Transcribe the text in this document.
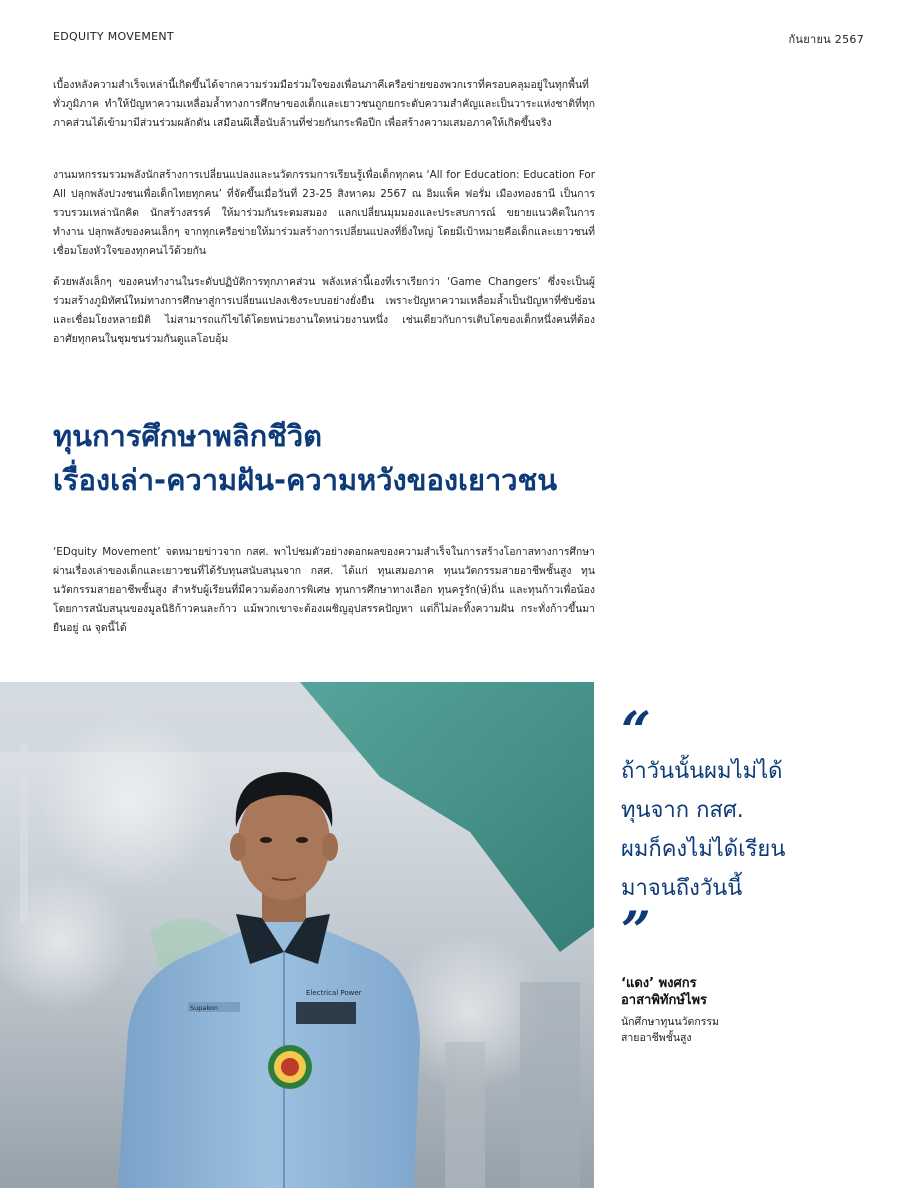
EDQUITY MOVEMENT	กันยายน 2567

เบื้องหลังความสำเร็จเหล่านี้เกิดขึ้นได้จากความร่วมมือร่วมใจของเพื่อนภาคีเครือข่ายของพวกเราที่ครอบคลุมอยู่ในทุกพื้นที่ทั่วภูมิภาค ทำให้ปัญหาความเหลื่อมล้ำทางการศึกษาของเด็กและเยาวชนถูกยกระดับความสำคัญและเป็นวาระแห่งชาติที่ทุกภาคส่วนได้เข้ามามีส่วนร่วมผลักดัน เสมือนผีเสื้อนับล้านที่ช่วยกันกระพือปีก เพื่อสร้างความเสมอภาคให้เกิดขึ้นจริง

งานมหกรรมรวมพลังนักสร้างการเปลี่ยนแปลงและนวัตกรรมการเรียนรู้เพื่อเด็กทุกคน ‘All for Education: Education For All ปลุกพลังปวงชนเพื่อเด็กไทยทุกคน’ ที่จัดขึ้นเมื่อวันที่ 23-25 สิงหาคม 2567 ณ อิมแพ็ค ฟอรั่ม เมืองทองธานี เป็นการรวบรวมเหล่านักคิด นักสร้างสรรค์ ให้มาร่วมกันระดมสมอง แลกเปลี่ยนมุมมองและประสบการณ์ ขยายแนวคิดในการทำงาน ปลุกพลังของคนเล็กๆ จากทุกเครือข่ายให้มาร่วมสร้างการเปลี่ยนแปลงที่ยิ่งใหญ่ โดยมีเป้าหมายคือเด็กและเยาวชนที่เชื่อมโยงหัวใจของทุกคนไว้ด้วยกัน

ด้วยพลังเล็กๆ ของคนทำงานในระดับปฏิบัติการทุกภาคส่วน พลังเหล่านี้เองที่เราเรียกว่า ‘Game Changers’ ซึ่งจะเป็นผู้ร่วมสร้างภูมิทัศน์ใหม่ทางการศึกษาสู่การเปลี่ยนแปลงเชิงระบบอย่างยั่งยืน เพราะปัญหาความเหลื่อมล้ำเป็นปัญหาที่ซับซ้อนและเชื่อมโยงหลายมิติ ไม่สามารถแก้ไขได้โดยหน่วยงานใดหน่วยงานหนึ่ง เช่นเดียวกับการเติบโตของเด็กหนึ่งคนที่ต้องอาศัยทุกคนในชุมชนร่วมกันดูแลโอบอุ้ม

ทุนการศึกษาพลิกชีวิต
เรื่องเล่า-ความฝัน-ความหวังของเยาวชน

‘EDquity Movement’ จดหมายข่าวจาก กสศ. พาไปชมตัวอย่างดอกผลของความสำเร็จในการสร้างโอกาสทางการศึกษา ผ่านเรื่องเล่าของเด็กและเยาวชนที่ได้รับทุนสนับสนุนจาก กสศ. ได้แก่ ทุนเสมอภาค ทุนนวัตกรรมสายอาชีพชั้นสูง ทุนนวัตกรรมสายอาชีพชั้นสูง สำหรับผู้เรียนที่มีความต้องการพิเศษ ทุนการศึกษาทางเลือก ทุนครูรัก(ษ์)ถิ่น และทุนก้าวเพื่อน้องโดยการสนับสนุนของมูลนิธิก้าวคนละก้าว แม้พวกเขาจะต้องเผชิญอุปสรรคปัญหา แต่ก็ไม่ละทิ้งความฝัน กระทั่งก้าวขึ้นมายืนอยู่ ณ จุดนี้ได้

Supakon
Electrical Power
“

ถ้าวันนั้นผมไม่ได้
ทุนจาก กสศ.
ผมก็คงไม่ได้เรียน
มาจนถึงวันนี้

”

‘แดง’ พงศกร
อาสาพิทักษ์ไพร

นักศึกษาทุนนวัตกรรม
สายอาชีพชั้นสูง
